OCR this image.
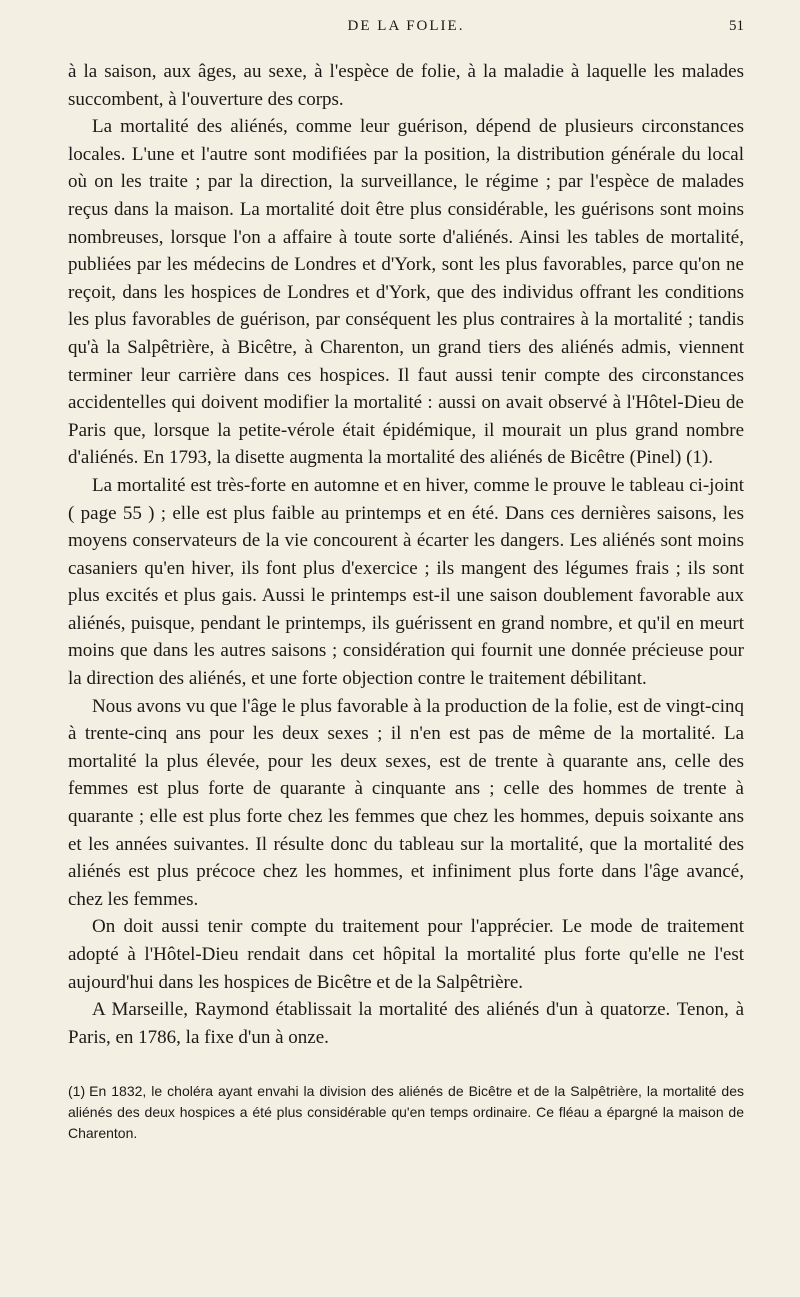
DE LA FOLIE.	51

à la saison, aux âges, au sexe, à l'espèce de folie, à la maladie à laquelle les malades succombent, à l'ouverture des corps.

La mortalité des aliénés, comme leur guérison, dépend de plusieurs circonstances locales. L'une et l'autre sont modifiées par la position, la distribution générale du local où on les traite ; par la direction, la surveillance, le régime ; par l'espèce de malades reçus dans la maison. La mortalité doit être plus considérable, les guérisons sont moins nombreuses, lorsque l'on a affaire à toute sorte d'aliénés. Ainsi les tables de mortalité, publiées par les médecins de Londres et d'York, sont les plus favorables, parce qu'on ne reçoit, dans les hospices de Londres et d'York, que des individus offrant les conditions les plus favorables de guérison, par conséquent les plus contraires à la mortalité ; tandis qu'à la Salpêtrière, à Bicêtre, à Charenton, un grand tiers des aliénés admis, viennent terminer leur carrière dans ces hospices. Il faut aussi tenir compte des circonstances accidentelles qui doivent modifier la mortalité : aussi on avait observé à l'Hôtel-Dieu de Paris que, lorsque la petite-vérole était épidémique, il mourait un plus grand nombre d'aliénés. En 1793, la disette augmenta la mortalité des aliénés de Bicêtre (Pinel) (1).

La mortalité est très-forte en automne et en hiver, comme le prouve le tableau ci-joint ( page 55 ) ; elle est plus faible au printemps et en été. Dans ces dernières saisons, les moyens conservateurs de la vie concourent à écarter les dangers. Les aliénés sont moins casaniers qu'en hiver, ils font plus d'exercice ; ils mangent des légumes frais ; ils sont plus excités et plus gais. Aussi le printemps est-il une saison doublement favorable aux aliénés, puisque, pendant le printemps, ils guérissent en grand nombre, et qu'il en meurt moins que dans les autres saisons ; considération qui fournit une donnée précieuse pour la direction des aliénés, et une forte objection contre le traitement débilitant.

Nous avons vu que l'âge le plus favorable à la production de la folie, est de vingt-cinq à trente-cinq ans pour les deux sexes ; il n'en est pas de même de la mortalité. La mortalité la plus élevée, pour les deux sexes, est de trente à quarante ans, celle des femmes est plus forte de quarante à cinquante ans ; celle des hommes de trente à quarante ; elle est plus forte chez les femmes que chez les hommes, depuis soixante ans et les années suivantes. Il résulte donc du tableau sur la mortalité, que la mortalité des aliénés est plus précoce chez les hommes, et infiniment plus forte dans l'âge avancé, chez les femmes.

On doit aussi tenir compte du traitement pour l'apprécier. Le mode de traitement adopté à l'Hôtel-Dieu rendait dans cet hôpital la mortalité plus forte qu'elle ne l'est aujourd'hui dans les hospices de Bicêtre et de la Salpêtrière.

A Marseille, Raymond établissait la mortalité des aliénés d'un à quatorze. Tenon, à Paris, en 1786, la fixe d'un à onze.

(1) En 1832, le choléra ayant envahi la division des aliénés de Bicêtre et de la Salpêtrière, la mortalité des aliénés des deux hospices a été plus considérable qu'en temps ordinaire. Ce fléau a épargné la maison de Charenton.
